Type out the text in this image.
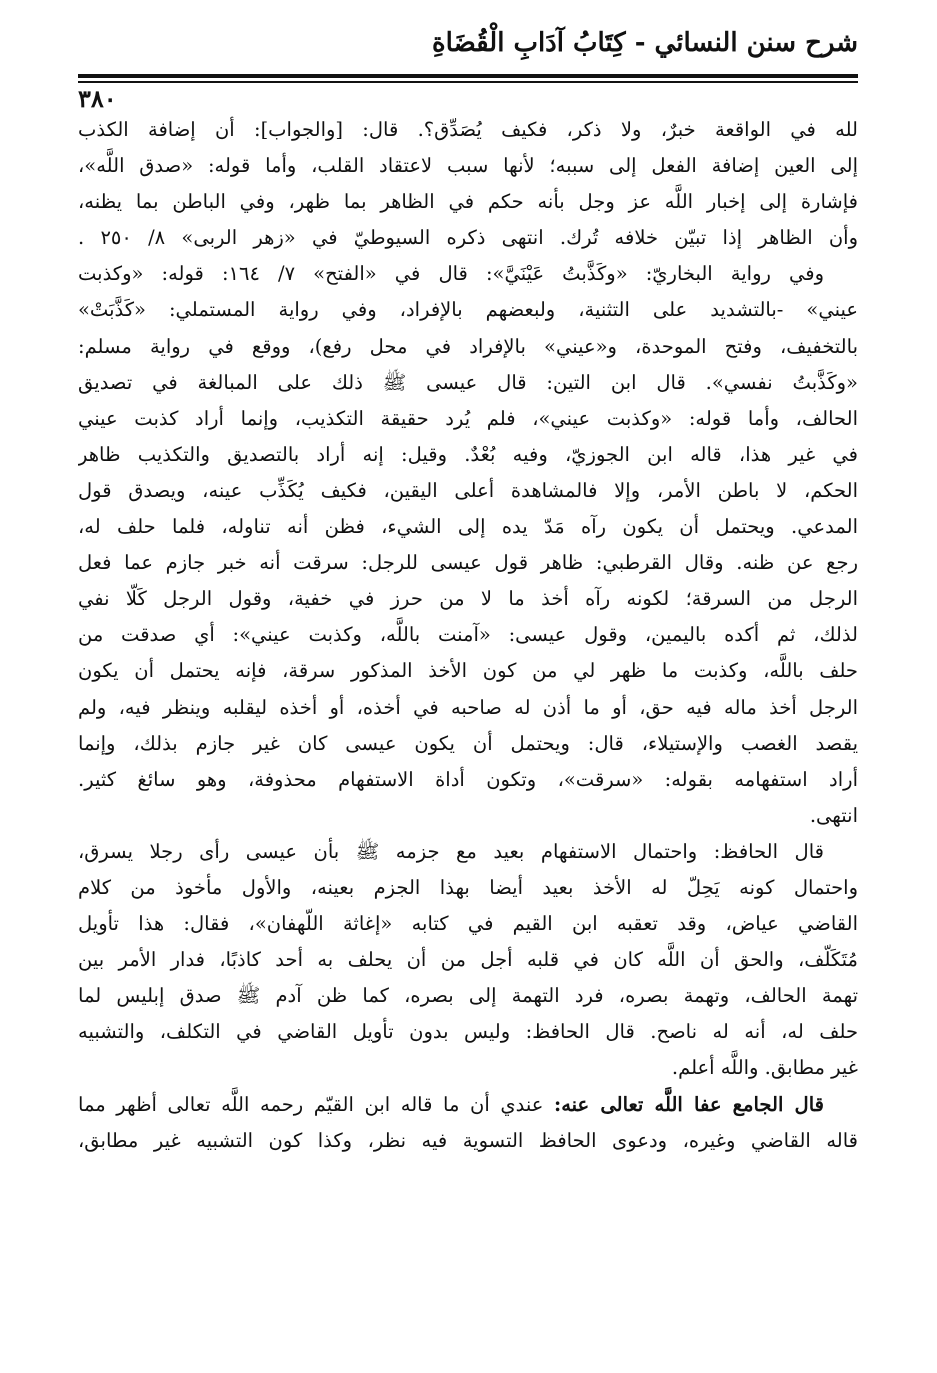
شرح سنن النسائي - كِتَابُ آدَابِ الْقُضَاةِ
٣٨٠
لله في الواقعة خبرٌ، ولا ذكر، فكيف يُصَدِّق؟. قال: [والجواب]: أن إضافة الكذب
إلى العين إضافة الفعل إلى سببه؛ لأنها سبب لاعتقاد القلب، وأما قوله: «صدق اللَّه»،
فإشارة إلى إخبار اللَّه عز وجل بأنه حكم في الظاهر بما ظهر، وفي الباطن بما يظنه،
وأن الظاهر إذا تبيّن خلافه تُرك. انتهى ذكره السيوطيّ في «زهر الربى» ٨/ ٢٥٠ .
وفي رواية البخاريّ: «وكَذَّبتُ عَيْنَيَّ»: قال في «الفتح» ٧/ ١٦٤: قوله: «وكذبت
عيني» -بالتشديد على التثنية، ولبعضهم بالإفراد، وفي رواية المستملي: «كَذَّبَتْ»
بالتخفيف، وفتح الموحدة، و«عيني» بالإفراد في محل رفع)، ووقع في رواية مسلم:
«وكَذَّبتُ نفسي». قال ابن التين: قال عيسى ﷺ ذلك على المبالغة في تصديق
الحالف، وأما قوله: «وكذبت عيني»، فلم يُرد حقيقة التكذيب، وإنما أراد كذبت عيني
في غير هذا، قاله ابن الجوزيّ، وفيه بُعْدٌ. وقيل: إنه أراد بالتصديق والتكذيب ظاهر
الحكم، لا باطن الأمر، وإلا فالمشاهدة أعلى اليقين، فكيف يُكَذِّب عينه، ويصدق قول
المدعي. ويحتمل أن يكون رآه مَدّ يده إلى الشيء، فظن أنه تناوله، فلما حلف له،
رجع عن ظنه. وقال القرطبي: ظاهر قول عيسى للرجل: سرقت أنه خبر جازم عما فعل
الرجل من السرقة؛ لكونه رآه أخذ ما لا من حرز في خفية، وقول الرجل كَلّا نفي
لذلك، ثم أكده باليمين، وقول عيسى: «آمنت باللَّه، وكذبت عيني»: أي صدقت من
حلف باللَّه، وكذبت ما ظهر لي من كون الأخذ المذكور سرقة، فإنه يحتمل أن يكون
الرجل أخذ ماله فيه حق، أو ما أذن له صاحبه في أخذه، أو أخذه ليقلبه وينظر فيه، ولم
يقصد الغصب والإستيلاء، قال: ويحتمل أن يكون عيسى كان غير جازم بذلك، وإنما
أراد استفهامه بقوله: «سرقت»، وتكون أداة الاستفهام محذوفة، وهو سائغ كثير.
انتهى.
قال الحافظ: واحتمال الاستفهام بعيد مع جزمه ﷺ بأن عيسى رأى رجلا يسرق،
واحتمال كونه يَحِلّ له الأخذ بعيد أيضا بهذا الجزم بعينه، والأول مأخوذ من كلام
القاضي عياض، وقد تعقبه ابن القيم في كتابه «إغاثة اللّهفان»، فقال: هذا تأويل
مُتَكَلّف، والحق أن اللَّه كان في قلبه أجل من أن يحلف به أحد كاذبًا، فدار الأمر بين
تهمة الحالف، وتهمة بصره، فرد التهمة إلى بصره، كما ظن آدم ﷺ صدق إبليس لما
حلف له، أنه له ناصح. قال الحافظ: وليس بدون تأويل القاضي في التكلف، والتشبيه
غير مطابق. واللَّه أعلم.
قال الجامع عفا اللَّه تعالى عنه: عندي أن ما قاله ابن القيّم رحمه اللَّه تعالى أظهر مما
قاله القاضي وغيره، ودعوى الحافظ التسوية فيه نظر، وكذا كون التشبيه غير مطابق،
